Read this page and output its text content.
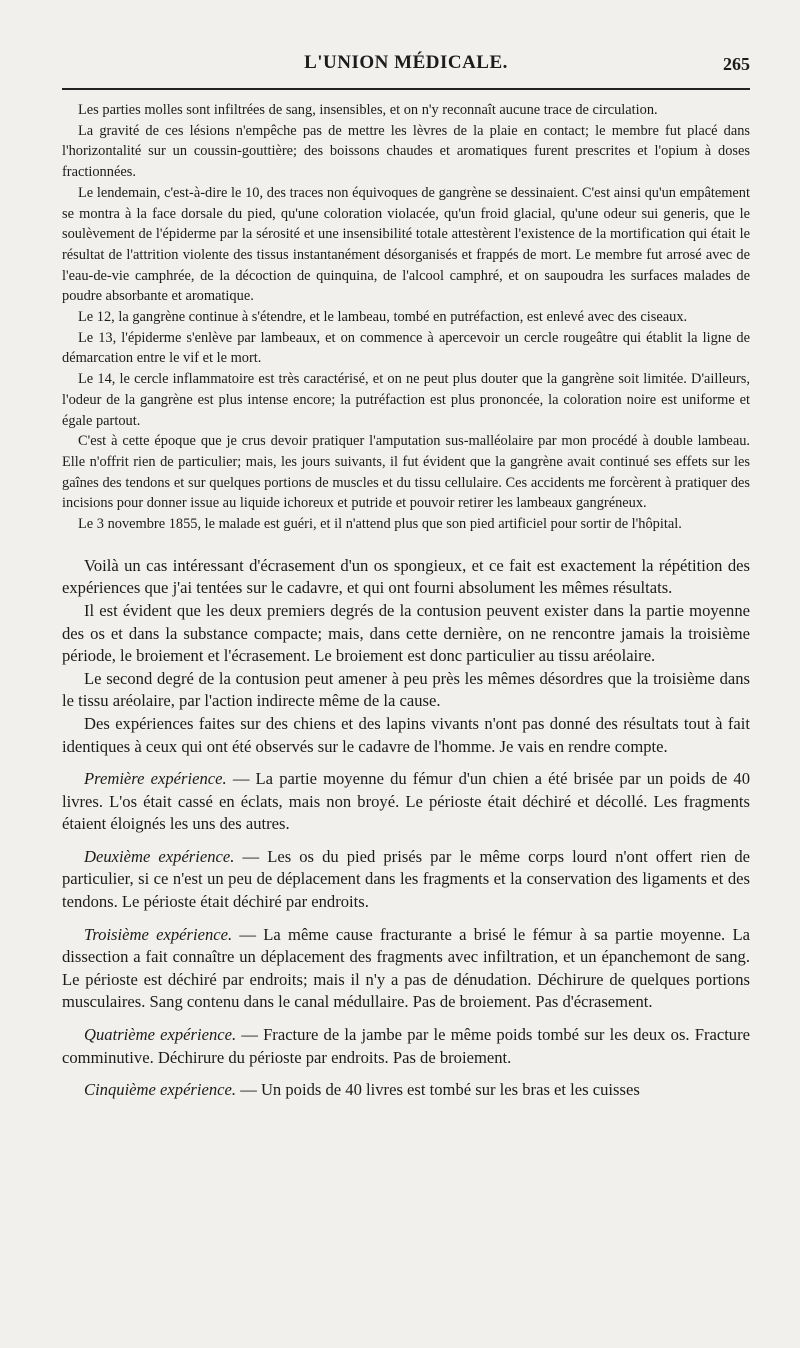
L'UNION MÉDICALE.	265

Les parties molles sont infiltrées de sang, insensibles, et on n'y reconnaît aucune trace de circulation.

La gravité de ces lésions n'empêche pas de mettre les lèvres de la plaie en contact; le membre fut placé dans l'horizontalité sur un coussin-gouttière; des boissons chaudes et aromatiques furent prescrites et l'opium à doses fractionnées.

Le lendemain, c'est-à-dire le 10, des traces non équivoques de gangrène se dessinaient. C'est ainsi qu'un empâtement se montra à la face dorsale du pied, qu'une coloration violacée, qu'un froid glacial, qu'une odeur sui generis, que le soulèvement de l'épiderme par la sérosité et une insensibilité totale attestèrent l'existence de la mortification qui était le résultat de l'attrition violente des tissus instantanément désorganisés et frappés de mort. Le membre fut arrosé avec de l'eau-de-vie camphrée, de la décoction de quinquina, de l'alcool camphré, et on saupoudra les surfaces malades de poudre absorbante et aromatique.

Le 12, la gangrène continue à s'étendre, et le lambeau, tombé en putréfaction, est enlevé avec des ciseaux.

Le 13, l'épiderme s'enlève par lambeaux, et on commence à apercevoir un cercle rougeâtre qui établit la ligne de démarcation entre le vif et le mort.

Le 14, le cercle inflammatoire est très caractérisé, et on ne peut plus douter que la gangrène soit limitée. D'ailleurs, l'odeur de la gangrène est plus intense encore; la putréfaction est plus prononcée, la coloration noire est uniforme et égale partout.

C'est à cette époque que je crus devoir pratiquer l'amputation sus-malléolaire par mon procédé à double lambeau. Elle n'offrit rien de particulier; mais, les jours suivants, il fut évident que la gangrène avait continué ses effets sur les gaînes des tendons et sur quelques portions de muscles et du tissu cellulaire. Ces accidents me forcèrent à pratiquer des incisions pour donner issue au liquide ichoreux et putride et pouvoir retirer les lambeaux gangréneux.

Le 3 novembre 1855, le malade est guéri, et il n'attend plus que son pied artificiel pour sortir de l'hôpital.

Voilà un cas intéressant d'écrasement d'un os spongieux, et ce fait est exactement la répétition des expériences que j'ai tentées sur le cadavre, et qui ont fourni absolument les mêmes résultats.

Il est évident que les deux premiers degrés de la contusion peuvent exister dans la partie moyenne des os et dans la substance compacte; mais, dans cette dernière, on ne rencontre jamais la troisième période, le broiement et l'écrasement. Le broiement est donc particulier au tissu aréolaire.

Le second degré de la contusion peut amener à peu près les mêmes désordres que la troisième dans le tissu aréolaire, par l'action indirecte même de la cause.

Des expériences faites sur des chiens et des lapins vivants n'ont pas donné des résultats tout à fait identiques à ceux qui ont été observés sur le cadavre de l'homme. Je vais en rendre compte.

Première expérience. — La partie moyenne du fémur d'un chien a été brisée par un poids de 40 livres. L'os était cassé en éclats, mais non broyé. Le périoste était déchiré et décollé. Les fragments étaient éloignés les uns des autres.

Deuxième expérience. — Les os du pied prisés par le même corps lourd n'ont offert rien de particulier, si ce n'est un peu de déplacement dans les fragments et la conservation des ligaments et des tendons. Le périoste était déchiré par endroits.

Troisième expérience. — La même cause fracturante a brisé le fémur à sa partie moyenne. La dissection a fait connaître un déplacement des fragments avec infiltration, et un épanchemont de sang. Le périoste est déchiré par endroits; mais il n'y a pas de dénudation. Déchirure de quelques portions musculaires. Sang contenu dans le canal médullaire. Pas de broiement. Pas d'écrasement.

Quatrième expérience. — Fracture de la jambe par le même poids tombé sur les deux os. Fracture comminutive. Déchirure du périoste par endroits. Pas de broiement.

Cinquième expérience. — Un poids de 40 livres est tombé sur les bras et les cuisses
